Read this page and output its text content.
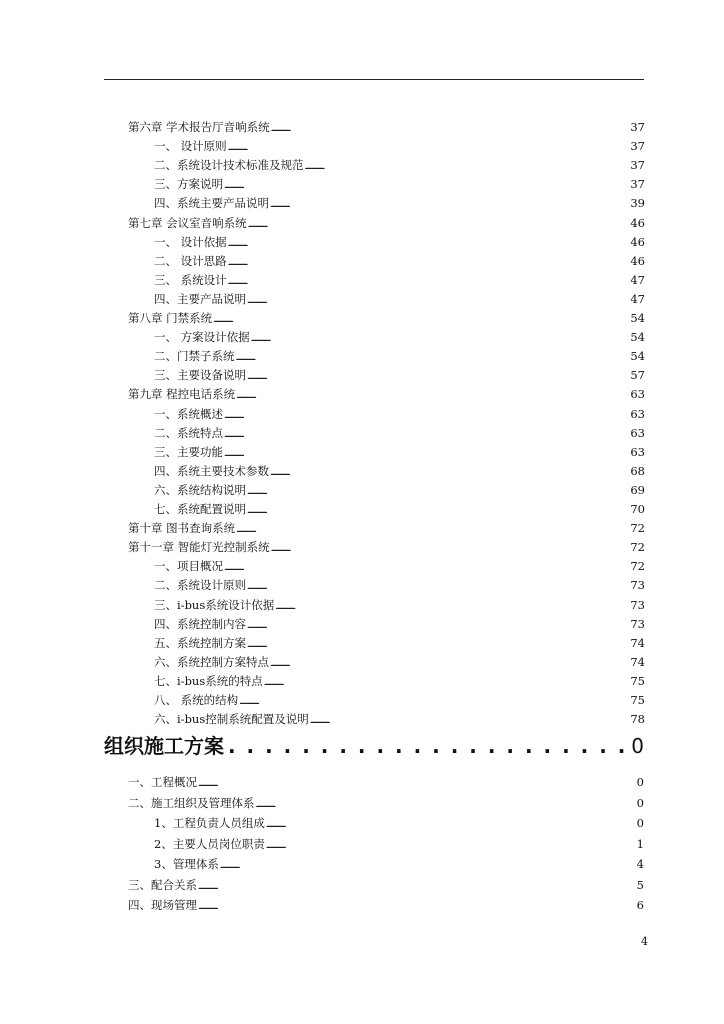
第六章 学术报告厅音响系统 . . .	37
一、 设计原则 . . .	37
二、系统设计技术标准及规范 . . .	37
三、方案说明 . . .	37
四、系统主要产品说明 . . .	39
第七章 会议室音响系统 . . .	46
一、 设计依据 . . .	46
二、 设计思路 . . .	46
三、 系统设计 . . .	47
四、主要产品说明 . . .	47
第八章 门禁系统 . . .	54
一、 方案设计依据 . . .	54
二、门禁子系统 . . .	54
三、主要设备说明 . . .	57
第九章 程控电话系统 . . .	63
一、系统概述 . . .	63
二、系统特点 . . .	63
三、主要功能 . . .	63
四、系统主要技术参数 . . .	68
六、系统结构说明 . . .	69
七、系统配置说明 . . .	70
第十章 图书查询系统 . . .	72
第十一章 智能灯光控制系统 . . .	72
一、项目概况 . . .	72
二、系统设计原则 . . .	73
三、i-bus系统设计依据 . . .	73
四、系统控制内容 . . .	73
五、系统控制方案 . . .	74
六、系统控制方案特点 . . .	74
七、i-bus系统的特点 . . .	75
八、 系统的结构 . . .	75
六、i-bus控制系统配置及说明 . . .	78
组织施工方案 . . .	0
一、工程概况 . . .	0
二、施工组织及管理体系 . . .	0
1、工程负责人员组成 . . .	0
2、主要人员岗位职责 . . .	1
3、管理体系 . . .	4
三、配合关系 . . .	5
四、现场管理 . . .	6
4
